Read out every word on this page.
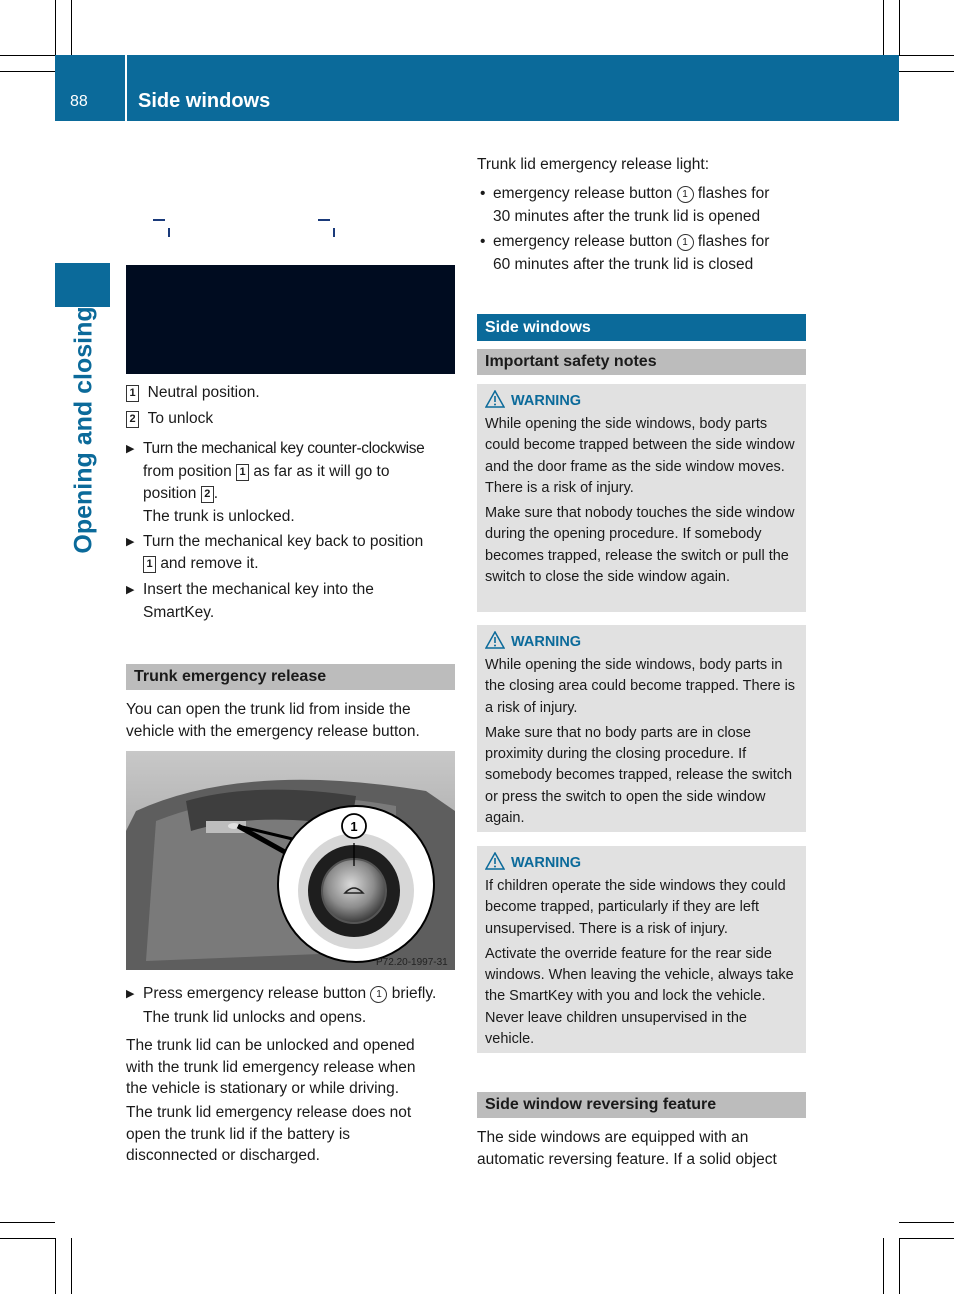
88	Side windows
Opening and closing	1 Neutral position.
2 To unlock
▶ Turn the mechanical key counter-clockwise

from position 1 as far as it will go to

position 2 .

The trunk is unlocked.

▶ Turn the mechanical key back to position

1 and remove it.

▶ Insert the mechanical key into the

SmartKey.

Trunk emergency release

You can open the trunk lid from inside the

vehicle with the emergency release button.

1
P72.20-1997-31
▶ Press emergency release button 1 briefly.

The trunk lid unlocks and opens.

The trunk lid can be unlocked and opened

with the trunk lid emergency release when

the vehicle is stationary or while driving.

The trunk lid emergency release does not

open the trunk lid if the battery is

disconnected or discharged.

Trunk lid emergency release light:

• emergency release button 1 flashes for

30 minutes after the trunk lid is opened

• emergency release button 1 flashes for

60 minutes after the trunk lid is closed

Side windows
Important safety notes
WARNING

While opening the side windows, body parts could become trapped between the side window and the door frame as the side window moves. There is a risk of injury.

Make sure that nobody touches the side window during the opening procedure. If somebody becomes trapped, release the switch or pull the switch to close the side window again.

WARNING

While opening the side windows, body parts in the closing area could become trapped. There is a risk of injury.

Make sure that no body parts are in close proximity during the closing procedure. If somebody becomes trapped, release the switch or press the switch to open the side window again.

WARNING

If children operate the side windows they could become trapped, particularly if they are left unsupervised. There is a risk of injury.

Activate the override feature for the rear side windows. When leaving the vehicle, always take the SmartKey with you and lock the vehicle. Never leave children unsupervised in the vehicle.

Side window reversing feature

The side windows are equipped with an

automatic reversing feature. If a solid object
